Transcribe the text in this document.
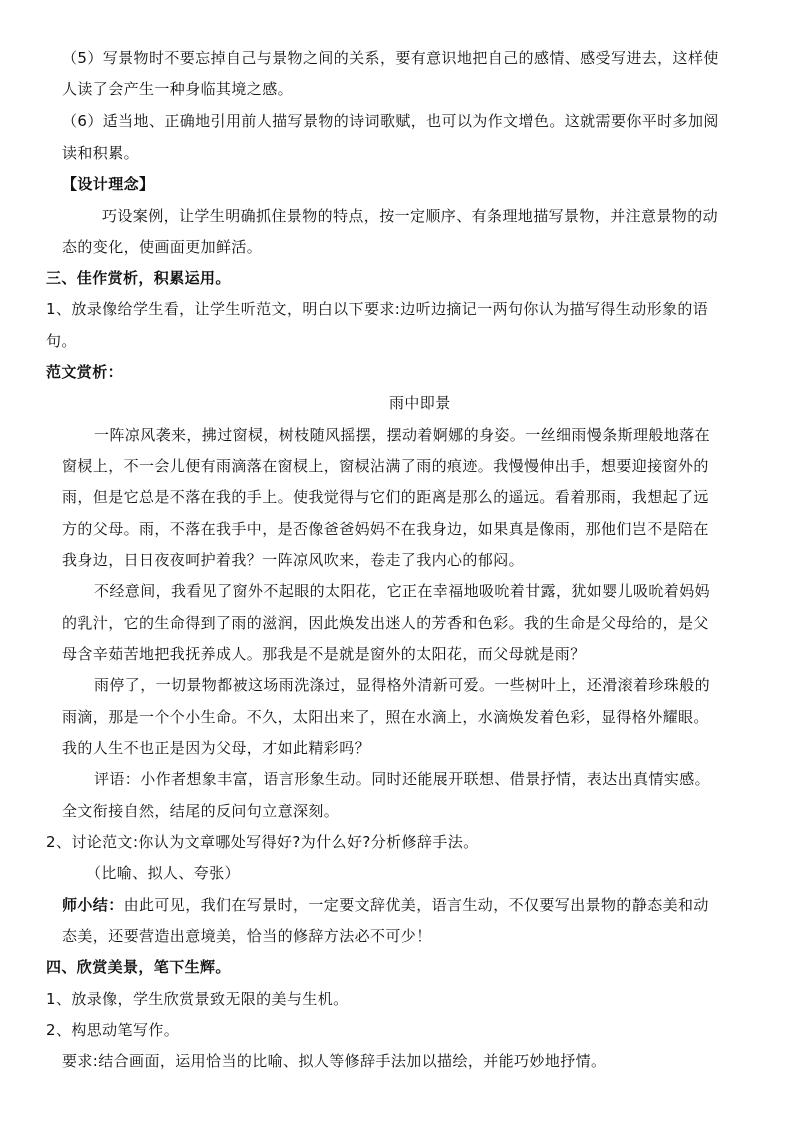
（5）写景物时不要忘掉自己与景物之间的关系，要有意识地把自己的感情、感受写进去，这样使
人读了会产生一种身临其境之感。
（6）适当地、正确地引用前人描写景物的诗词歌赋，也可以为作文增色。这就需要你平时多加阅
读和积累。
【设计理念】
巧设案例，让学生明确抓住景物的特点，按一定顺序、有条理地描写景物，并注意景物的动
态的变化，使画面更加鲜活。
三、佳作赏析，积累运用。
1、放录像给学生看，让学生听范文，明白以下要求:边听边摘记一两句你认为描写得生动形象的语
句。
范文赏析：
雨中即景
一阵凉风袭来，拂过窗棂，树枝随风摇摆，摆动着婀娜的身姿。一丝细雨慢条斯理般地落在
窗棂上，不一会儿便有雨滴落在窗棂上，窗棂沾满了雨的痕迹。我慢慢伸出手，想要迎接窗外的
雨，但是它总是不落在我的手上。使我觉得与它们的距离是那么的遥远。看着那雨，我想起了远
方的父母。雨，不落在我手中，是否像爸爸妈妈不在我身边，如果真是像雨，那他们岂不是陪在
我身边，日日夜夜呵护着我？一阵凉风吹来，卷走了我内心的郁闷。
不经意间，我看见了窗外不起眼的太阳花，它正在幸福地吸吮着甘露，犹如婴儿吸吮着妈妈
的乳汁，它的生命得到了雨的滋润，因此焕发出迷人的芳香和色彩。我的生命是父母给的，是父
母含辛茹苦地把我抚养成人。那我是不是就是窗外的太阳花，而父母就是雨？
雨停了，一切景物都被这场雨洗涤过，显得格外清新可爱。一些树叶上，还滑滚着珍珠般的
雨滴，那是一个个小生命。不久，太阳出来了，照在水滴上，水滴焕发着色彩，显得格外耀眼。
我的人生不也正是因为父母，才如此精彩吗？
评语：小作者想象丰富，语言形象生动。同时还能展开联想、借景抒情，表达出真情实感。
全文衔接自然，结尾的反问句立意深刻。
2、讨论范文:你认为文章哪处写得好?为什么好?分析修辞手法。
（比喻、拟人、夸张）
师小结：由此可见，我们在写景时，一定要文辞优美，语言生动，不仅要写出景物的静态美和动
态美，还要营造出意境美，恰当的修辞方法必不可少！
四、欣赏美景，笔下生辉。
1、放录像，学生欣赏景致无限的美与生机。
2、构思动笔写作。
要求:结合画面，运用恰当的比喻、拟人等修辞手法加以描绘，并能巧妙地抒情。
